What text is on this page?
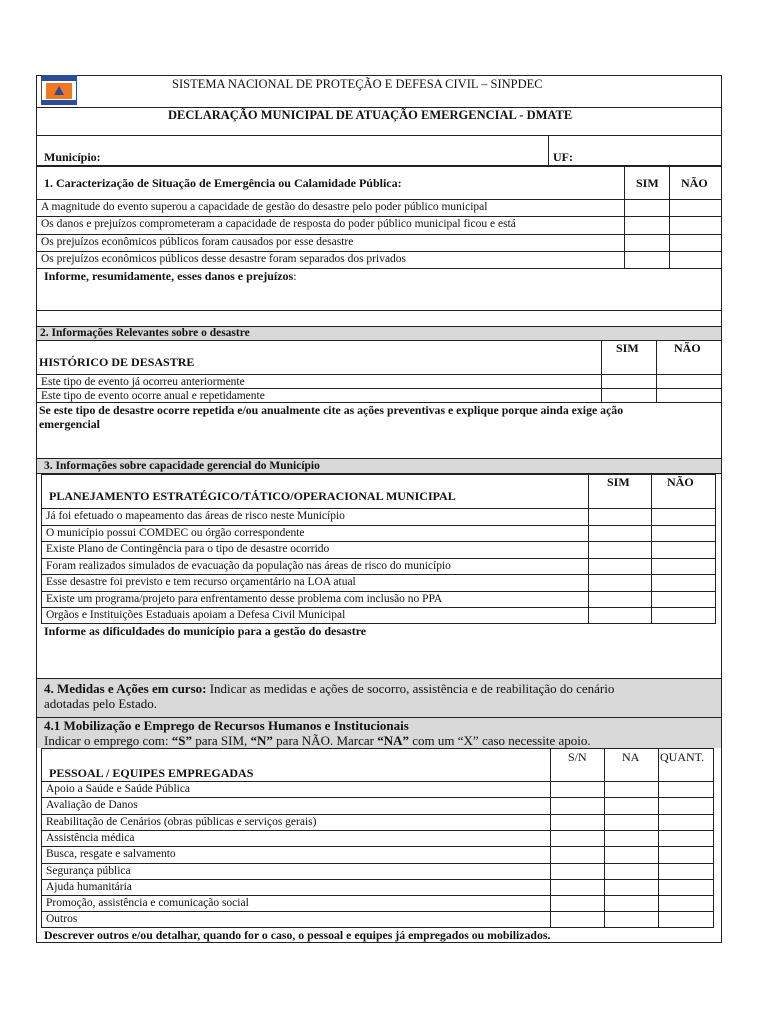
SISTEMA NACIONAL DE PROTEÇÃO E DEFESA CIVIL – SINPDEC
DECLARAÇÃO MUNICIPAL DE ATUAÇÃO EMERGENCIAL - DMATE
Município:	UF:
1. Caracterização de Situação de Emergência ou Calamidade Pública:	SIM NÃO
A magnitude do evento superou a capacidade de gestão do desastre pelo poder público municipal
Os danos e prejuízos comprometeram a capacidade de resposta do poder público municipal ficou e está
Os prejuízos econômicos públicos foram causados por esse desastre
Os prejuízos econômicos públicos desse desastre foram separados dos privados
Informe, resumidamente, esses danos e prejuízos:
2. Informações Relevantes sobre o desastre
HISTÓRICO DE DESASTRE
SIM	NÃO
Este tipo de evento já ocorreu anteriormente
Este tipo de evento ocorre anual e repetidamente
Se este tipo de desastre ocorre repetida e/ou anualmente cite as ações preventivas e explique porque ainda exige ação
emergencial
3. Informações sobre capacidade gerencial do Município
PLANEJAMENTO ESTRATÉGICO/TÁTICO/OPERACIONAL MUNICIPAL
SIM	NÃO
Já foi efetuado o mapeamento das áreas de risco neste Município
O município possui COMDEC ou órgão correspondente
Existe Plano de Contingência para o tipo de desastre ocorrido
Foram realizados simulados de evacuação da população nas áreas de risco do município
Esse desastre foi previsto e tem recurso orçamentário na LOA atual
Existe um programa/projeto para enfrentamento desse problema com inclusão no PPA
Orgãos e Instituições Estaduais apoiam a Defesa Civil Municipal
Informe as dificuldades do município para a gestão do desastre
4. Medidas e Ações em curso: Indicar as medidas e ações de socorro, assistência e de reabilitação do cenário
adotadas pelo Estado.
4.1 Mobilização e Emprego de Recursos Humanos e Institucionais
Indicar o emprego com: “S” para SIM, “N” para NÃO. Marcar “NA” com um “X” caso necessite apoio.
PESSOAL / EQUIPES EMPREGADAS
S/N	NA QUANT.
Apoio a Saúde e Saúde Pública
Avaliação de Danos
Reabilitação de Cenários (obras públicas e serviços gerais)
Assistência médica
Busca, resgate e salvamento
Segurança pública
Ajuda humanitária
Promoção, assistência e comunicação social
Outros
Descrever outros e/ou detalhar, quando for o caso, o pessoal e equipes já empregados ou mobilizados.
